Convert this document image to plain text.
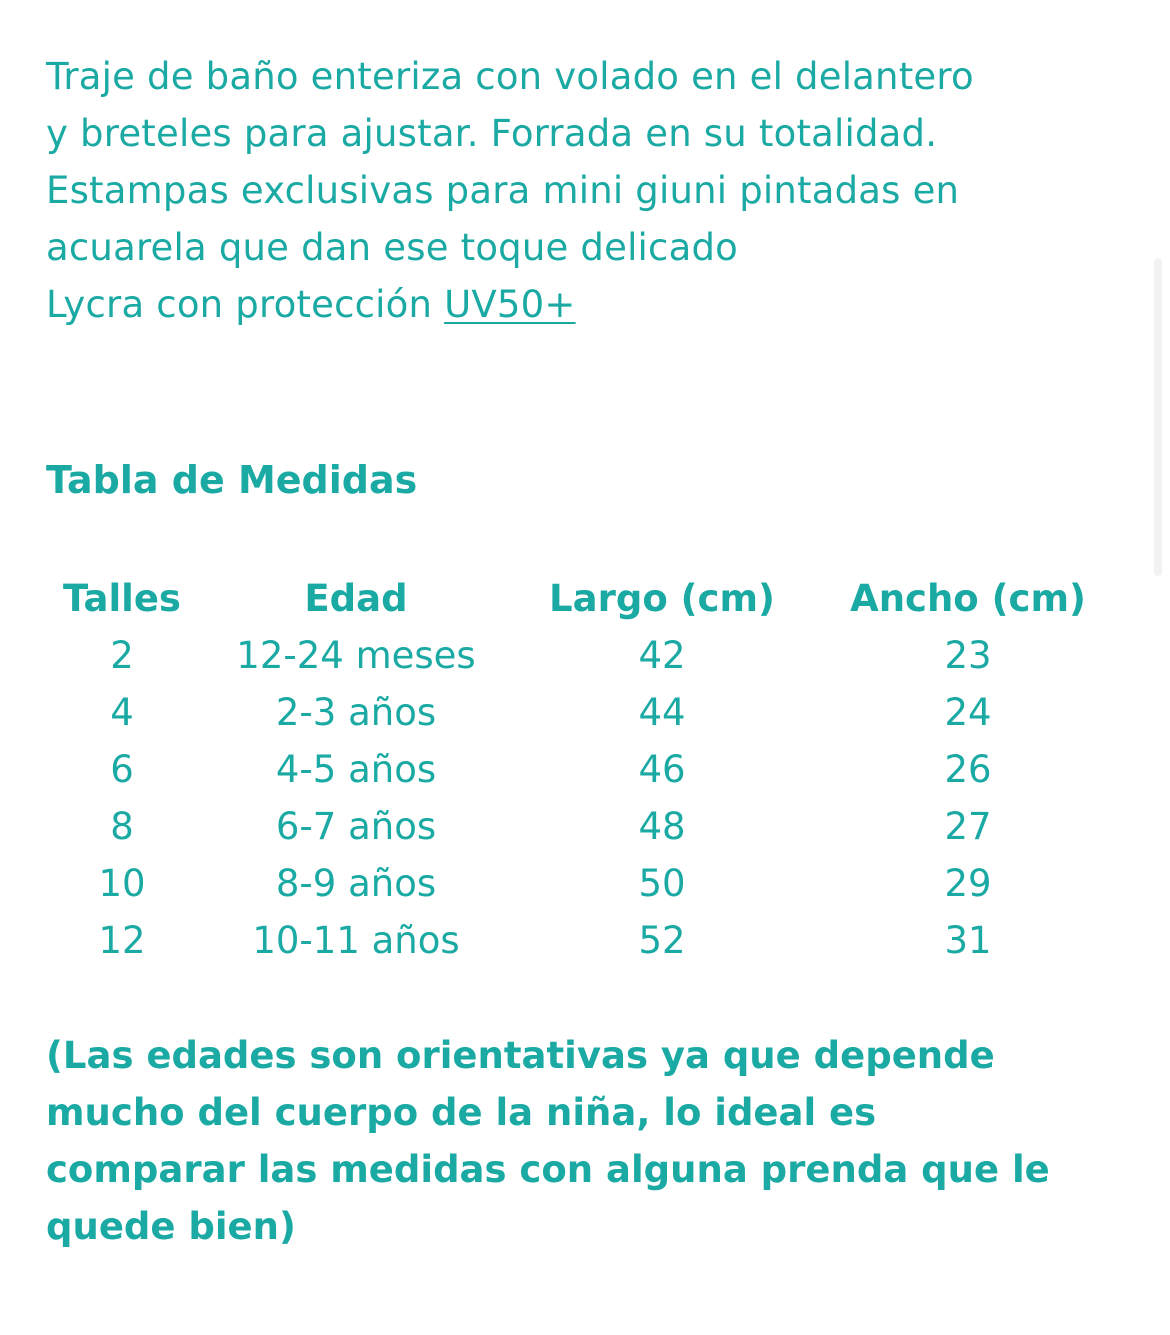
Traje de baño enteriza con volado en el delantero
y breteles para ajustar. Forrada en su totalidad.
Estampas exclusivas para mini giuni pintadas en
acuarela que dan ese toque delicado
Lycra con protección UV50+
Tabla de Medidas
Talles	Edad	Largo (cm)	Ancho (cm)
2	12-24 meses	42	23
4	2-3 años	44	24
6	4-5 años	46	26
8	6-7 años	48	27
10	8-9 años	50	29
12	10-11 años	52	31
(Las edades son orientativas ya que depende
mucho del cuerpo de la niña, lo ideal es
comparar las medidas con alguna prenda que le
quede bien)
